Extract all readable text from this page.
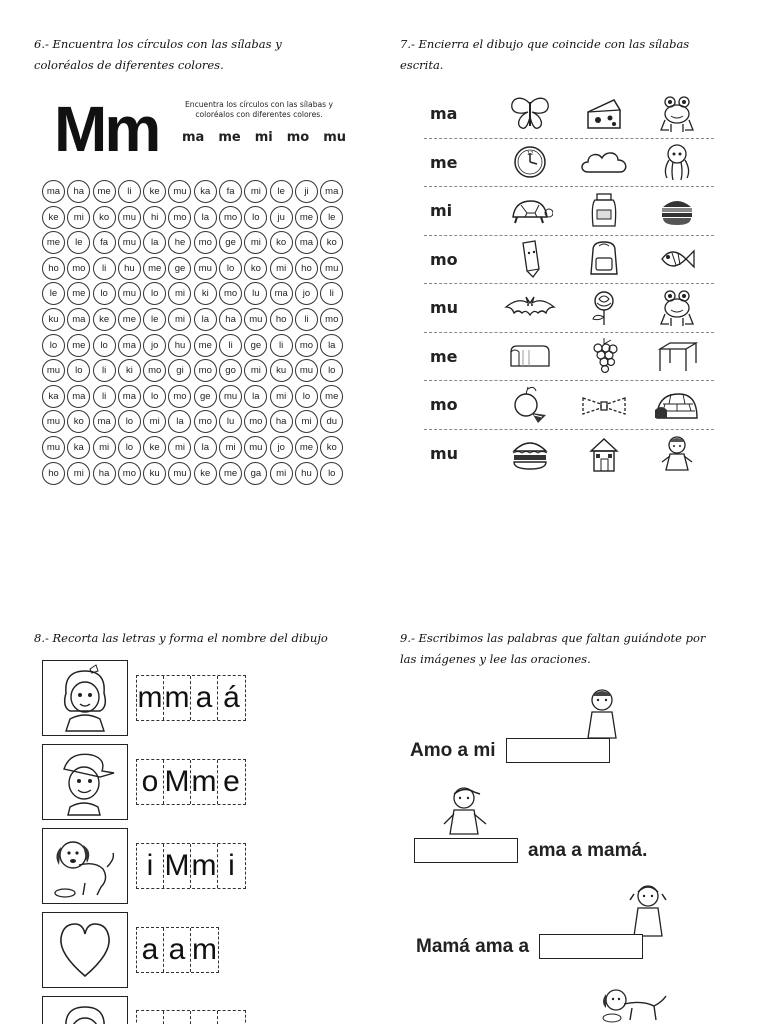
6.- Encuentra los círculos con las sílabas y coloréalos de diferentes colores.
Mm	Encuentra los círculos con las sílabas y coloréalos con diferentes colores.
ma me mi mo mu
ma	ha	me	li	ke	mu	ka	fa	mi	le	ji	ma
ke	mi	ko	mu	hi	mo	la	mo	lo	ju	me	le
me	le	fa	mu	la	he	mo	ge	mi	ko	ma	ko
ho	mo	li	hu	me	ge	mu	lo	ko	mi	ho	mu
le	me	lo	mu	lo	mi	ki	mo	lu	ma	jo	li
ku	ma	ke	me	le	mi	la	ha	mu	ho	li	mo
lo	me	lo	ma	jo	hu	me	li	ge	li	mo	la
mu	lo	li	ki	mo	gi	mo	go	mi	ku	mu	lo
ka	ma	li	ma	lo	mo	ge	mu	la	mi	lo	me
mu	ko	ma	lo	mi	la	mo	lu	mo	ha	mi	du
mu	ka	mi	lo	ke	mi	la	mi	mu	jo	me	ko
ho	mi	ha	mo	ku	mu	ke	me	ga	mi	hu	lo
7.- Encierra el dibujo que coincide con las sílabas escrita.
ma
me	12
mi
mo
mu
me
mo
mu
8.- Recorta las letras y forma el nombre del dibujo
m m a á
o M m e
i M m i
a a m
9.- Escribimos las palabras que faltan guiándote por las imágenes y lee las oraciones.
Amo a mi
ama a mamá.
Mamá ama a
